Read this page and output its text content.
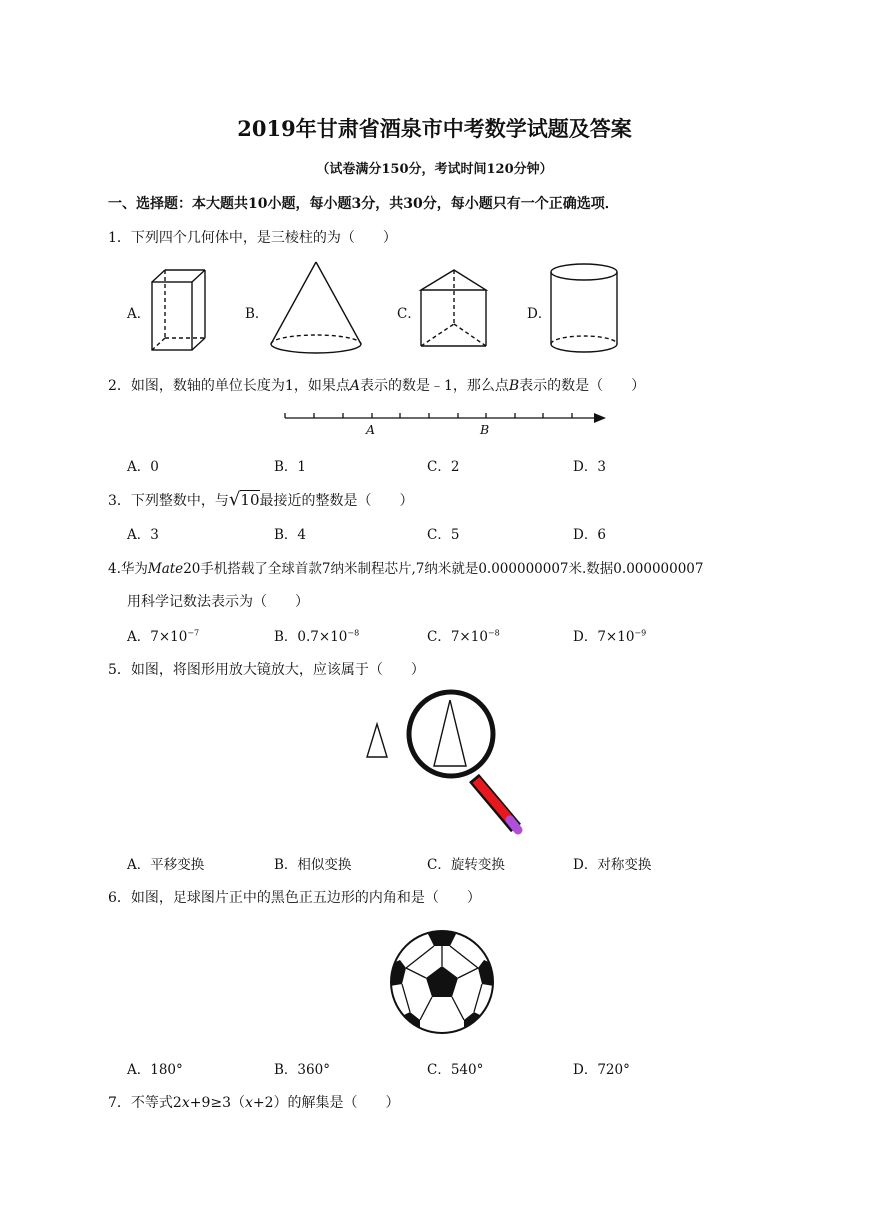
2019年甘肃省酒泉市中考数学试题及答案
（试卷满分150分，考试时间120分钟）
一、选择题：本大题共10小题，每小题3分，共30分，每小题只有一个正确选项．
1．下列四个几何体中，是三棱柱的为（　　）
A．	B．	C．	D．
2．如图，数轴的单位长度为1，如果点A表示的数是﹣1，那么点B表示的数是（　　）
A	B
A．0	B．1	C．2	D．3
3．下列整数中，与√10最接近的整数是（　　）
A．3	B．4	C．5	D．6
4.华为Mate20手机搭载了全球首款7纳米制程芯片,7纳米就是0.000000007米.数据0.000000007
用科学记数法表示为（　　）
A．$7\times 10^{-7}$	B．$0.7\times 10^{-8}$	C．$7\times 10^{-8}$	D．$7\times 10^{-9}$
5．如图，将图形用放大镜放大，应该属于（　　）
A．平移变换	B．相似变换	C．旋转变换	D．对称变换
6．如图，足球图片正中的黑色正五边形的内角和是（　　）
A．180°	B．360°	C．540°	D．720°
7．不等式2x+9≥3（x+2）的解集是（　　）
